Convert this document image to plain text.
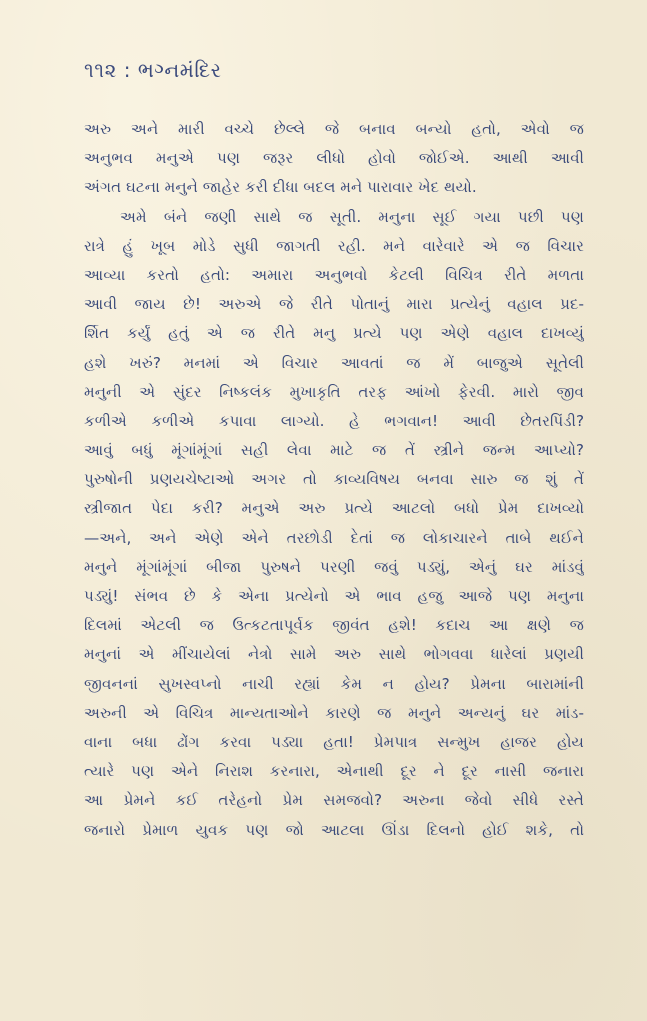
૧૧૨ : ભગ્નમંદિર
અરુ અને મારી વચ્ચે છેલ્લે જે બનાવ બન્યો હતો, એવો જ
અનુભવ મનુએ પણ જરૂર લીધો હોવો જોઈએ. આથી આવી
અંગત ઘટના મનુને જાહેર કરી દીધા બદલ મને પારાવાર ખેદ થયો.
અમે બંને જણી સાથે જ સૂતી. મનુના સૂઈ ગયા પછી પણ
રાત્રે હું ખૂબ મોડે સુધી જાગતી રહી. મને વારેવારે એ જ વિચાર
આવ્યા કરતો હતો: અમારા અનુભવો કેટલી વિચિત્ર રીતે મળતા
આવી જાય છે! અરુએ જે રીતે પોતાનું મારા પ્રત્યેનું વહાલ પ્રદ-
ર્શિત કર્યું હતું એ જ રીતે મનુ પ્રત્યે પણ એણે વહાલ દાખવ્યું
હશે ખરું? મનમાં એ વિચાર આવતાં જ મેં બાજુએ સૂતેલી
મનુની એ સુંદર નિષ્કલંક મુખાકૃતિ તરફ આંખો ફેરવી. મારો જીવ
કળીએ કળીએ કપાવા લાગ્યો. હે ભગવાન! આવી છેતરપિંડી?
આવું બધું મૂંગાંમૂંગાં સહી લેવા માટે જ તેં સ્ત્રીને જન્મ આપ્યો?
પુરુષોની પ્રણયચેષ્ટાઓ અગર તો કાવ્યવિષય બનવા સારુ જ શું તેં
સ્ત્રીજાત પેદા કરી? મનુએ અરુ પ્રત્યે આટલો બધો પ્રેમ દાખવ્યો
—અને, અને એણે એને તરછોડી દેતાં જ લોકાચારને તાબે થઈને
મનુને મૂંગાંમૂંગાં બીજા પુરુષને પરણી જવું પડ્યું, એનું ઘર માંડવું
પડ્યું! સંભવ છે કે એના પ્રત્યેનો એ ભાવ હજુ આજે પણ મનુના
દિલમાં એટલી જ ઉત્કટતાપૂર્વક જીવંત હશે! કદાચ આ ક્ષણે જ
મનુનાં એ મીંચાયેલાં નેત્રો સામે અરુ સાથે ભોગવવા ધારેલાં પ્રણયી
જીવનનાં સુખસ્વપ્નો નાચી રહ્યાં કેમ ન હોય? પ્રેમના બારામાંની
અરુની એ વિચિત્ર માન્યતાઓને કારણે જ મનુને અન્યનું ઘર માંડ-
વાના બધા ઢોંગ કરવા પડ્યા હતા! પ્રેમપાત્ર સન્મુખ હાજર હોય
ત્યારે પણ એને નિરાશ કરનારા, એનાથી દૂર ને દૂર નાસી જનારા
આ પ્રેમને કઈ તરેહનો પ્રેમ સમજવો? અરુના જેવો સીધે રસ્તે
જનારો પ્રેમાળ યુવક પણ જો આટલા ઊંડા દિલનો હોઈ શકે, તો
